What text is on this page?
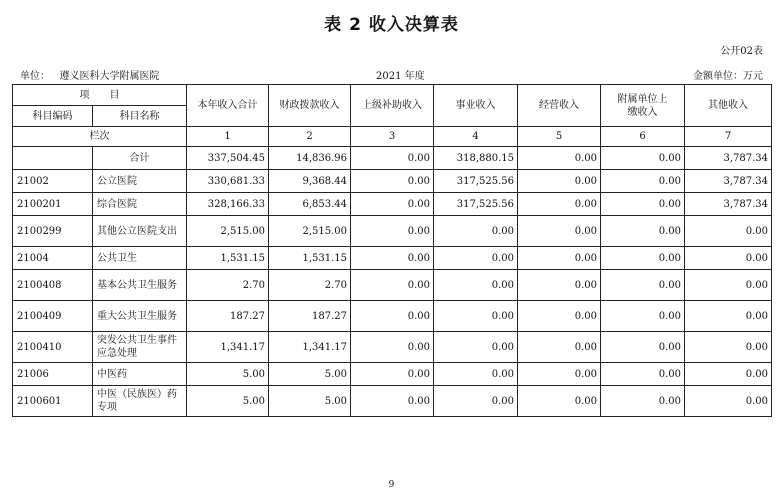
表 2 收入决算表
公开02表
单位： 遵义医科大学附属医院	2021 年度	金额单位：万元
项　　目		本年收入合计	财政拨款收入	上级补助收入	事业收入	经营收入	附属单位上缴收入	其他收入
科目编码	科目名称							
栏次		1	2	3	4	5	6	7
	合计	337,504.45	14,836.96	0.00	318,880.15	0.00	0.00	3,787.34
21002	公立医院	330,681.33	9,368.44	0.00	317,525.56	0.00	0.00	3,787.34
2100201	综合医院	328,166.33	6,853.44	0.00	317,525.56	0.00	0.00	3,787.34
2100299	其他公立医院支出	2,515.00	2,515.00	0.00	0.00	0.00	0.00	0.00
21004	公共卫生	1,531.15	1,531.15	0.00	0.00	0.00	0.00	0.00
2100408	基本公共卫生服务	2.70	2.70	0.00	0.00	0.00	0.00	0.00
2100409	重大公共卫生服务	187.27	187.27	0.00	0.00	0.00	0.00	0.00
2100410	突发公共卫生事件应急处理	1,341.17	1,341.17	0.00	0.00	0.00	0.00	0.00
21006	中医药	5.00	5.00	0.00	0.00	0.00	0.00	0.00
2100601	中医（民族医）药专项	5.00	5.00	0.00	0.00	0.00	0.00	0.00
9
